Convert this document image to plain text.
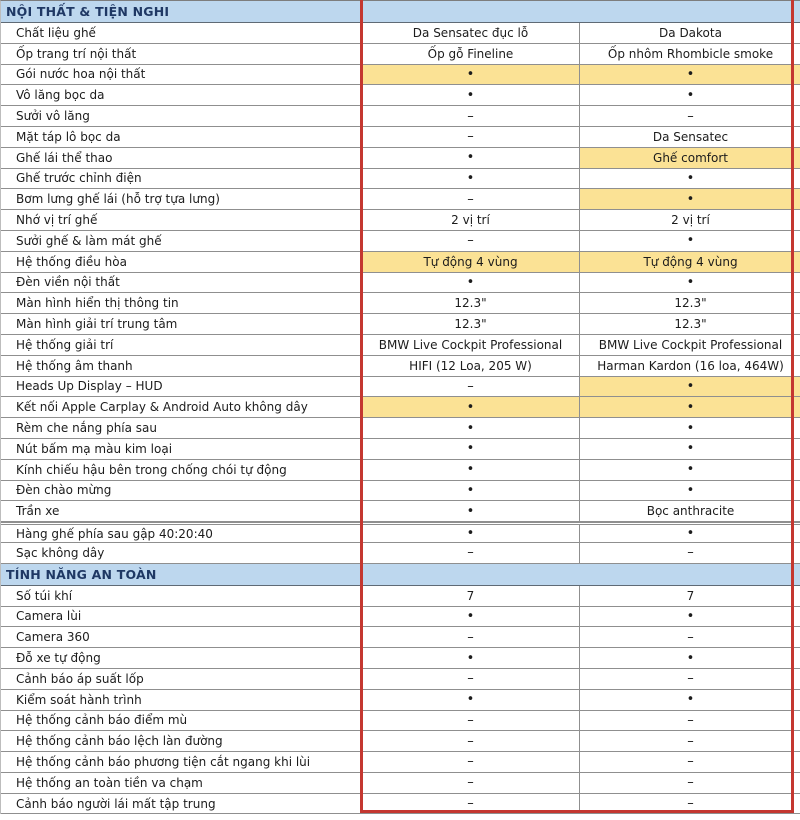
NỘI THẤT & TIỆN NGHI
Chất liệu ghế	Da Sensatec đục lỗ	Da Dakota
Ốp trang trí nội thất	Ốp gỗ Fineline	Ốp nhôm Rhombicle smoke
Gói nước hoa nội thất	•	•
Vô lăng bọc da	•	•
Sưởi vô lăng	–	–
Mặt táp lô bọc da	–	Da Sensatec
Ghế lái thể thao	•	Ghế comfort
Ghế trước chỉnh điện	•	•
Bơm lưng ghế lái (hỗ trợ tựa lưng)	–	•
Nhớ vị trí ghế	2 vị trí	2 vị trí
Sưởi ghế & làm mát ghế	–	•
Hệ thống điều hòa	Tự động 4 vùng	Tự động 4 vùng
Đèn viền nội thất	•	•
Màn hình hiển thị thông tin	12.3"	12.3"
Màn hình giải trí trung tâm	12.3"	12.3"
Hệ thống giải trí	BMW Live Cockpit Professional	BMW Live Cockpit Professional
Hệ thống âm thanh	HIFI (12 Loa, 205 W)	Harman Kardon (16 loa, 464W)
Heads Up Display – HUD	–	•
Kết nối Apple Carplay & Android Auto không dây	•	•
Rèm che nắng phía sau	•	•
Nút bấm mạ màu kim loại	•	•
Kính chiếu hậu bên trong chống chói tự động	•	•
Đèn chào mừng	•	•
Trần xe	•	Bọc anthracite
Hàng ghế phía sau gập 40:20:40	•	•
Sạc không dây	–	–
TÍNH NĂNG AN TOÀN
Số túi khí	7	7
Camera lùi	•	•
Camera 360	–	–
Đỗ xe tự động	•	•
Cảnh báo áp suất lốp	–	–
Kiểm soát hành trình	•	•
Hệ thống cảnh báo điểm mù	–	–
Hệ thống cảnh báo lệch làn đường	–	–
Hệ thống cảnh báo phương tiện cắt ngang khi lùi	–	–
Hệ thống an toàn tiền va chạm	–	–
Cảnh báo người lái mất tập trung	–	–
